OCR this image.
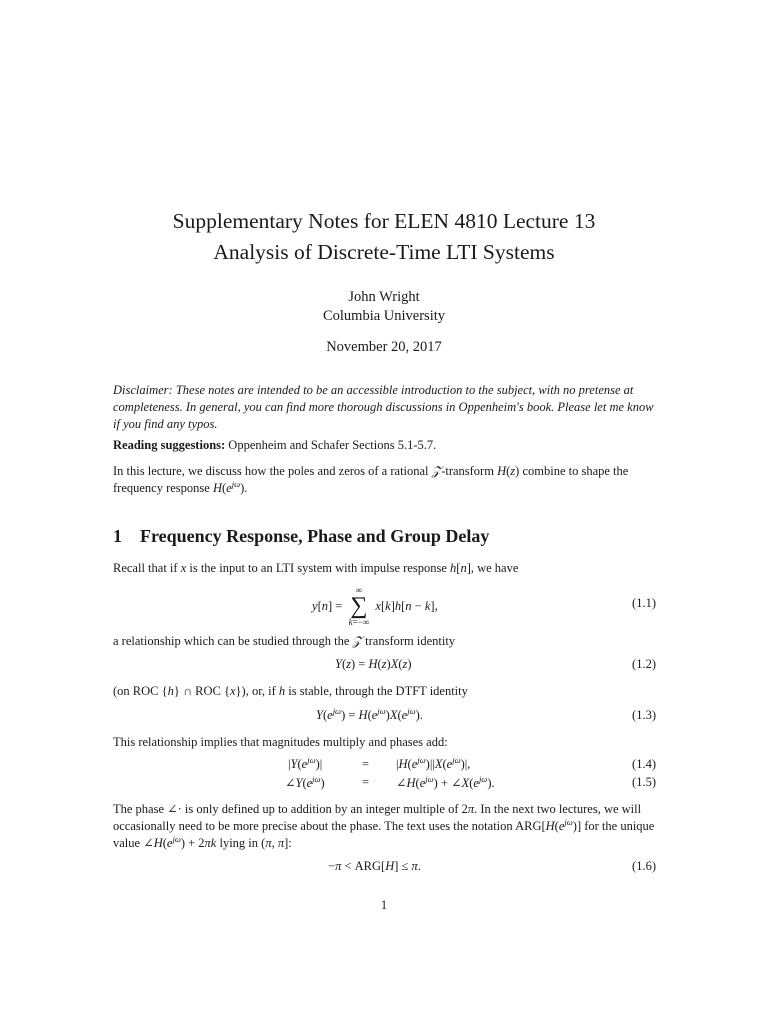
Supplementary Notes for ELEN 4810 Lecture 13
Analysis of Discrete-Time LTI Systems
John Wright
Columbia University
November 20, 2017
Disclaimer: These notes are intended to be an accessible introduction to the subject, with no pretense at completeness. In general, you can find more thorough discussions in Oppenheim's book. Please let me know if you find any typos.
Reading suggestions: Oppenheim and Schafer Sections 5.1-5.7.
In this lecture, we discuss how the poles and zeros of a rational 𝒵-transform H(z) combine to shape the frequency response $H(e^{j\omega})$.
1 Frequency Response, Phase and Group Delay
Recall that if x is the input to an LTI system with impulse response h[n], we have
y[n] =
∞
∑
k=−∞
x[k]h[n − k],	(1.1)
a relationship which can be studied through the 𝒵 transform identity
Y(z) = H(z)X(z)	(1.2)
(on ROC {h} ∩ ROC {x}), or, if h is stable, through the DTFT identity
$Y(e^{j\omega}) = H(e^{j\omega})X(e^{j\omega})$.	(1.3)
This relationship implies that magnitudes multiply and phases add:
$|Y(e^{j\omega})|$	= $|H(e^{j\omega})||X(e^{j\omega})|$,	(1.4)
$\angle Y(e^{j\omega})$	= $\angle H(e^{j\omega})$ + $\angle X(e^{j\omega})$.	(1.5)
The phase ∠· is only defined up to addition by an integer multiple of 2π. In the next two lectures, we will occasionally need to be more precise about the phase. The text uses the notation $ARG[H(e^{j\omega})]$ for the unique value $\angle H(e^{j\omega}) + 2\pi k$ lying in (π, π]:
−π < ARG[H] ≤ π.	(1.6)
1
